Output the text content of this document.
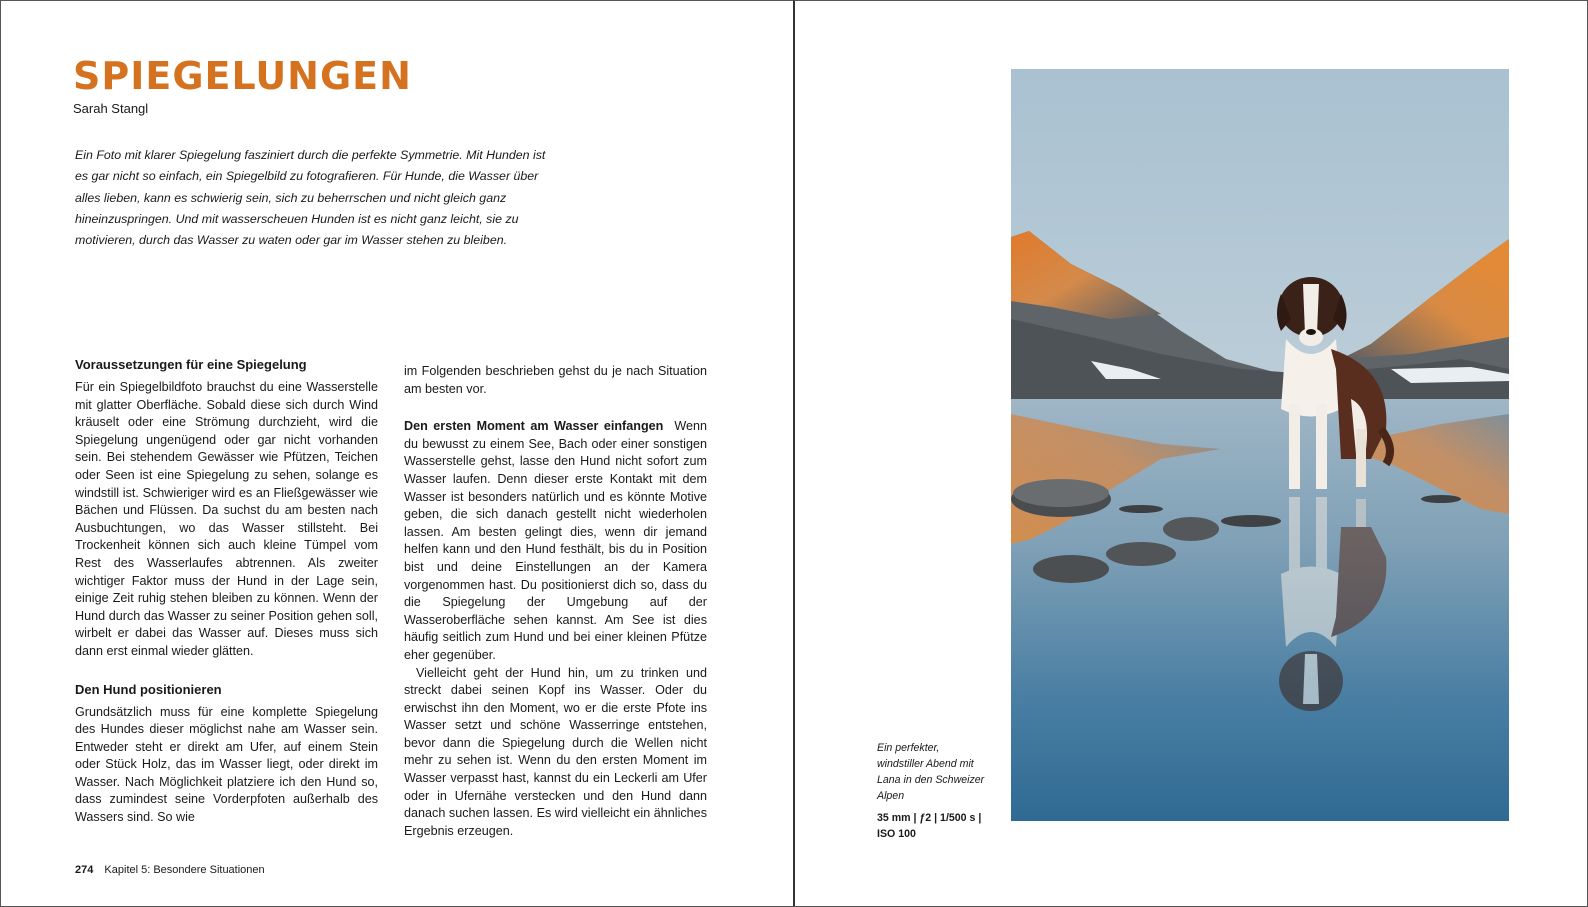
SPIEGELUNGEN
Sarah Stangl
Ein Foto mit klarer Spiegelung fasziniert durch die perfekte Symmetrie. Mit Hunden ist es gar nicht so einfach, ein Spiegelbild zu fotografieren. Für Hunde, die Wasser über alles lieben, kann es schwierig sein, sich zu beherrschen und nicht gleich ganz hineinzuspringen. Und mit wasserscheuen Hunden ist es nicht ganz leicht, sie zu motivieren, durch das Wasser zu waten oder gar im Wasser stehen zu bleiben.
Voraussetzungen für eine Spiegelung

Für ein Spiegelbildfoto brauchst du eine Wasserstelle mit glatter Oberfläche. Sobald diese sich durch Wind kräuselt oder eine Strömung durchzieht, wird die Spiegelung ungenügend oder gar nicht vorhanden sein. Bei stehendem Gewässer wie Pfützen, Teichen oder Seen ist eine Spiegelung zu sehen, solange es windstill ist. Schwieriger wird es an Fließgewässer wie Bächen und Flüssen. Da suchst du am besten nach Ausbuchtungen, wo das Wasser stillsteht. Bei Trockenheit können sich auch kleine Tümpel vom Rest des Wasserlaufes abtrennen. Als zweiter wichtiger Faktor muss der Hund in der Lage sein, einige Zeit ruhig stehen bleiben zu können. Wenn der Hund durch das Wasser zu seiner Position gehen soll, wirbelt er dabei das Wasser auf. Dieses muss sich dann erst einmal wieder glätten.

Den Hund positionieren

Grundsätzlich muss für eine komplette Spiegelung des Hundes dieser möglichst nahe am Wasser sein. Entweder steht er direkt am Ufer, auf einem Stein oder Stück Holz, das im Wasser liegt, oder direkt im Wasser. Nach Möglichkeit platziere ich den Hund so, dass zumindest seine Vorderpfoten außerhalb des Wassers sind. So wie

im Folgenden beschrieben gehst du je nach Situation am besten vor.

Den ersten Moment am Wasser einfangen Wenn du bewusst zu einem See, Bach oder einer sonstigen Wasserstelle gehst, lasse den Hund nicht sofort zum Wasser laufen. Denn dieser erste Kontakt mit dem Wasser ist besonders natürlich und es könnte Motive geben, die sich danach gestellt nicht wiederholen lassen. Am besten gelingt dies, wenn dir jemand helfen kann und den Hund festhält, bis du in Position bist und deine Einstellungen an der Kamera vorgenommen hast. Du positionierst dich so, dass du die Spiegelung der Umgebung auf der Wasseroberfläche sehen kannst. Am See ist dies häufig seitlich zum Hund und bei einer kleinen Pfütze eher gegenüber.

Vielleicht geht der Hund hin, um zu trinken und streckt dabei seinen Kopf ins Wasser. Oder du erwischst ihn den Moment, wo er die erste Pfote ins Wasser setzt und schöne Wasserringe entstehen, bevor dann die Spiegelung durch die Wellen nicht mehr zu sehen ist. Wenn du den ersten Moment im Wasser verpasst hast, kannst du ein Leckerli am Ufer oder in Ufernähe verstecken und den Hund dann danach suchen lassen. Es wird vielleicht ein ähnliches Ergebnis erzeugen.

Ein perfekter, windstiller Abend mit Lana in den Schweizer Alpen
35 mm | ƒ2 | 1/500 s | ISO 100
274 Kapitel 5: Besondere Situationen
